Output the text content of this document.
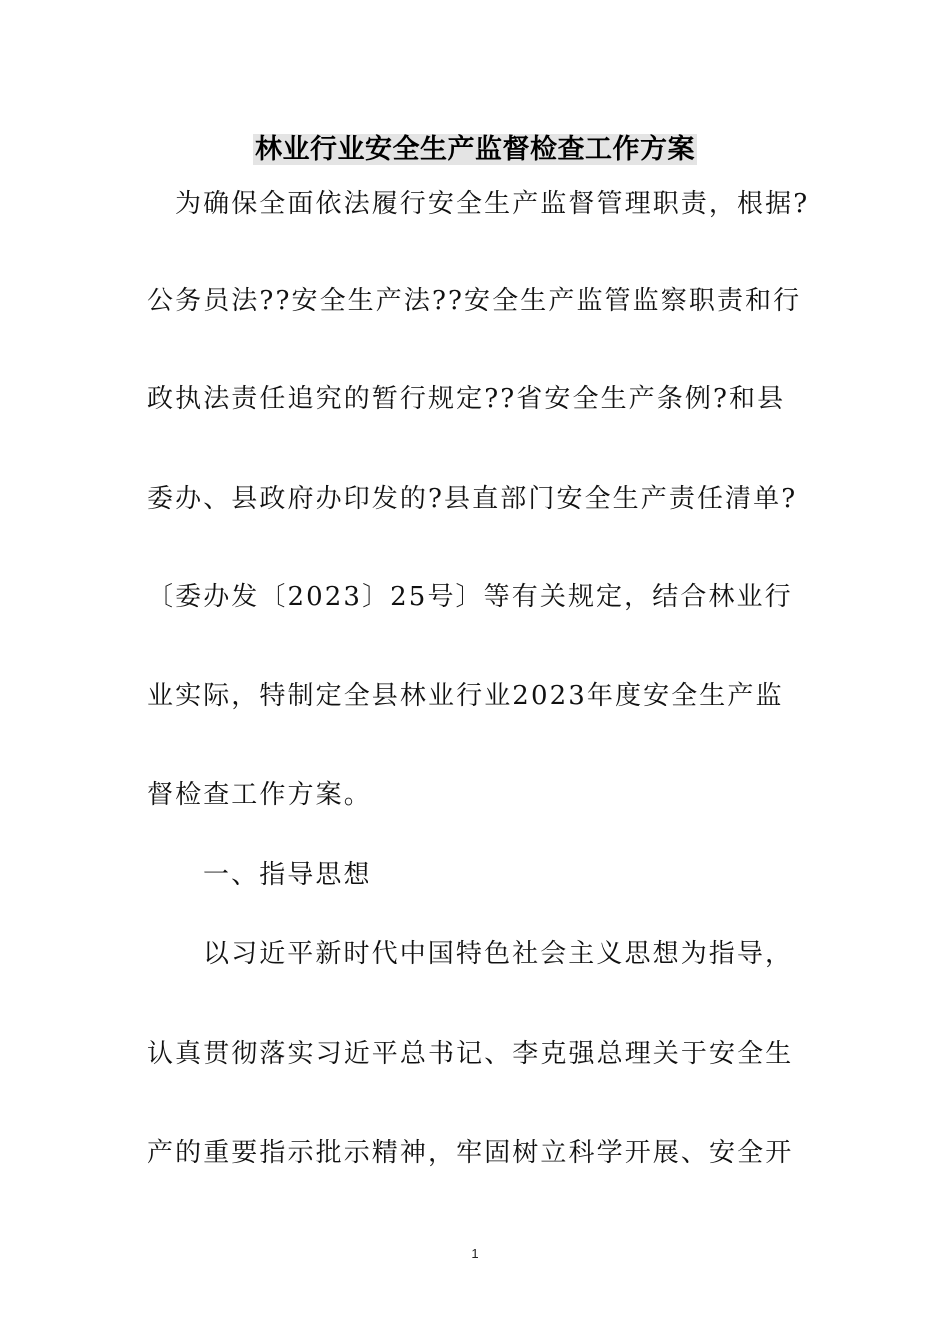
林业行业安全生产监督检查工作方案
为确保全面依法履行安全生产监督管理职责，根据?
公务员法??安全生产法??安全生产监管监察职责和行
政执法责任追究的暂行规定??省安全生产条例?和县
委办、县政府办印发的?县直部门安全生产责任清单?
〔委办发〔2023〕25号〕等有关规定，结合林业行
业实际，特制定全县林业行业2023年度安全生产监
督检查工作方案。
一、指导思想
以习近平新时代中国特色社会主义思想为指导，
认真贯彻落实习近平总书记、李克强总理关于安全生
产的重要指示批示精神，牢固树立科学开展、安全开
1
